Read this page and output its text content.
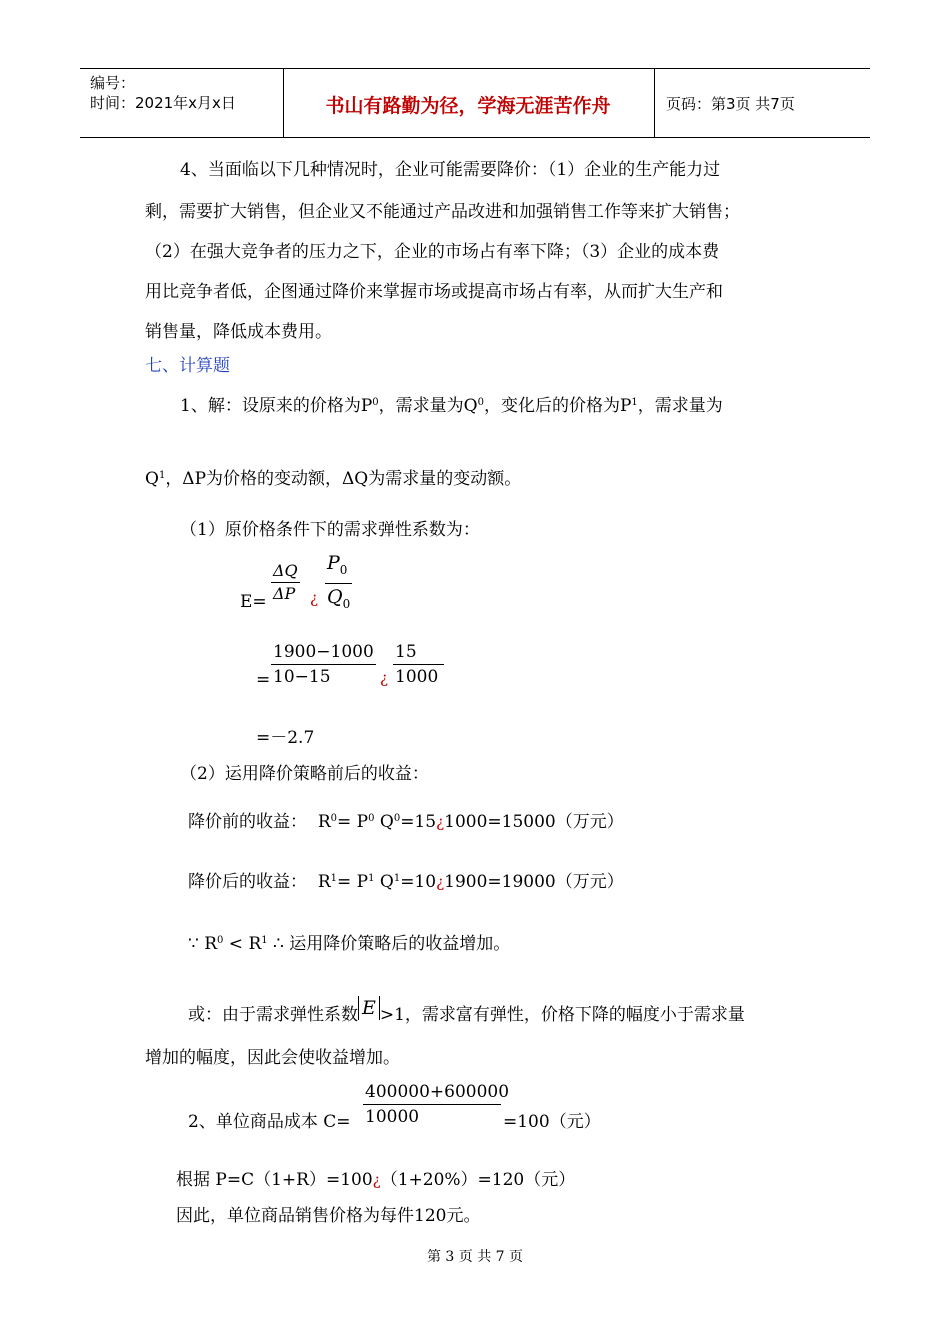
编号：
时间：2021年x月x日	书山有路勤为径，学海无涯苦作舟	页码：第3页 共7页
4、当面临以下几种情况时，企业可能需要降价：（1）企业的生产能力过
剩，需要扩大销售，但企业又不能通过产品改进和加强销售工作等来扩大销售；
（2）在强大竞争者的压力之下，企业的市场占有率下降；（3）企业的成本费
用比竞争者低，企图通过降价来掌握市场或提高市场占有率，从而扩大生产和
销售量，降低成本费用。
七、计算题
1、解：设原来的价格为$P^0$，需求量为$Q^0$，变化后的价格为$P^1$，需求量为
$Q^1$，ΔP为价格的变动额，ΔQ为需求量的变动额。
（1）原价格条件下的需求弹性系数为：
$\frac{\Delta Q}{\Delta P} \frac{P_0}{Q_0}$
¿
E=
$\frac{1900-1000}{10-15} \frac{15}{1000}$
=	¿
=－2.7
（2）运用降价策略前后的收益：
降价前的收益： $R^0= P^0$ $Q^0=15¿1000=15000$（万元）
降价后的收益： $R^1= P^1$ $Q^1=10¿1900=19000$（万元）
∵ $R^0 < R^1$ ∴ 运用降价策略后的收益增加。
或：由于需求弹性系数 E >1，需求富有弹性，价格下降的幅度小于需求量
增加的幅度，因此会使收益增加。
$\frac{400000+600000}{10000}$
2、单位商品成本 C=	=100（元）
根据 P=C（1+R）=100¿（1+20%）=120（元）
因此，单位商品销售价格为每件120元。
第 3 页 共 7 页
